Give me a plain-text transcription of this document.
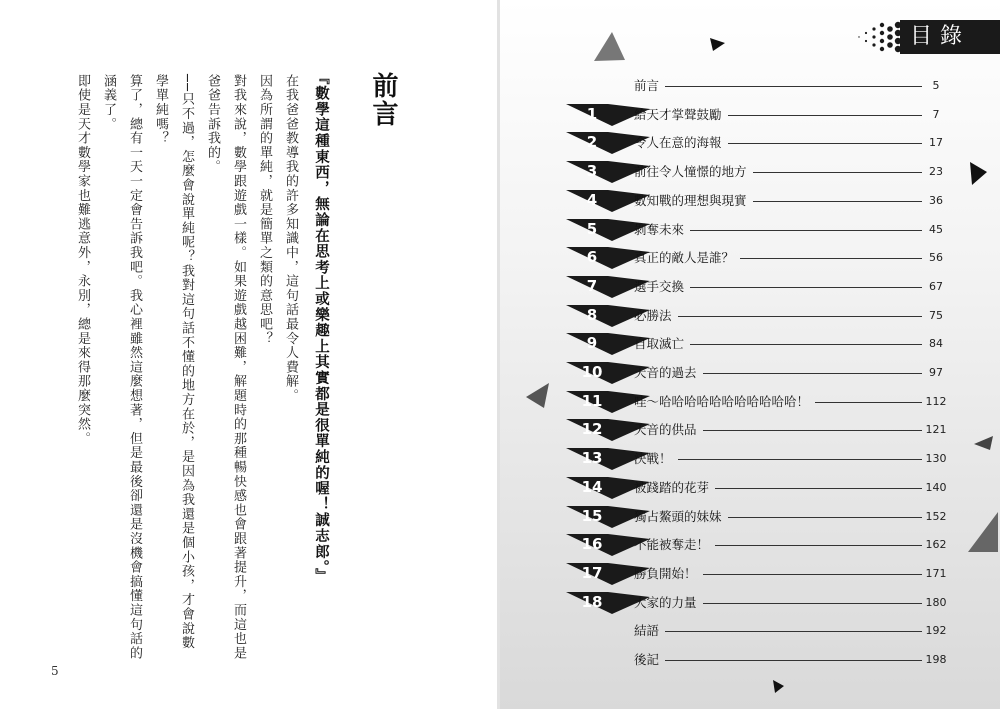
前言
『數學這種東西，無論在思考上或樂趣上其實都是很單純的喔！誠志郎。』
在我爸爸教導我的許多知識中，這句話最令人費解。
因為所謂的單純，就是簡單之類的意思吧？
對我來說，數學跟遊戲一樣。如果遊戲越困難，解題時的那種暢快感也會跟著提升，而這也是
爸爸告訴我的。
──只不過，怎麼會說單純呢？我對這句話不懂的地方在於，是因為我還是個小孩，才會說數
學單純嗎？
算了，總有一天一定會告訴我吧。我心裡雖然這麼想著，但是最後卻還是沒機會搞懂這句話的
涵義了。
即使是天才數學家也難逃意外，永別，總是來得那麼突然。
5
目錄
前言	5
1	給天才掌聲鼓勵	7
2	令人在意的海報	17
3	前往令人憧憬的地方	23
4	數知戰的理想與現實	36
5	剝奪未來	45
6	真正的敵人是誰？	56
7	選手交換	67
8	必勝法	75
9	自取滅亡	84
10	天音的過去	97
11	哇～哈哈哈哈哈哈哈哈哈哈哈！	112
12	天音的供品	121
13	決戰！	130
14	被踐踏的花芽	140
15	獨占鰲頭的妹妹	152
16	不能被奪走！	162
17	勝負開始！	171
18	大家的力量	180
結語	192
後記	198
